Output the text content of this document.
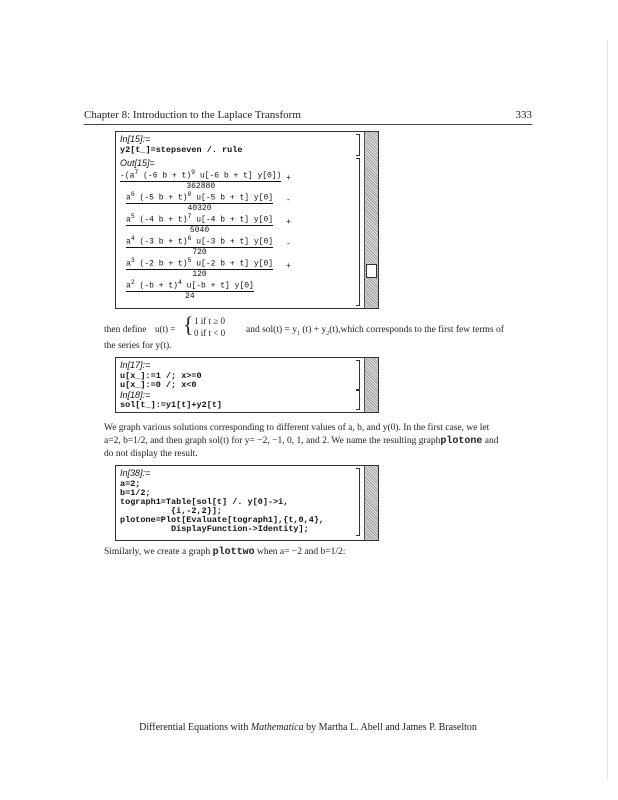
Chapter 8: Introduction to the Laplace Transform	333
In[15]:=
y2[t_]=stepseven /. rule
Out[15]=
$\frac{-(a^7 (-6 b + t)^9 u[-6 b + t] y[0])}{362880}$ +
$\frac{a^6 (-5 b + t)^8 u[-5 b + t] y[0]}{40320}$ -
$\frac{a^5 (-4 b + t)^7 u[-4 b + t] y[0]}{5040}$ +
$\frac{a^4 (-3 b + t)^6 u[-3 b + t] y[0]}{720}$ -
$\frac{a^3 (-2 b + t)^5 u[-2 b + t] y[0]}{120}$ +
$\frac{a^2 (-b + t)^4 u[-b + t] y[0]}{24}$
then define u(t) = { 1 if t ≥ 0
0 if t < 0 and $sol(t) = y_1$ $(t) + y_2(t),which$ corresponds to the first few terms of
the series for y(t).
In[17]:=
u[x_]:=1 /; x>=0
u[x_]:=0 /; x<0
In[18]:=
sol[t_]:=y1[t]+y2[t]
We graph various solutions corresponding to different values of a, b, and y(0). In the first case, we let
a=2, b=1/2, and then graph sol(t) for y= −2, −1, 0, 1, and 2. We name the resulting graphplotone and
do not display the result.
In[38]:=
a=2;
b=1/2;
tograph1=Table[sol[t] /. y[0]->i,
{i,-2,2}];
plotone=Plot[Evaluate[tograph1],{t,0,4},
DisplayFunction->Identity];
Similarly, we create a graph plottwo when a= −2 and b=1/2:
Differential Equations with Mathematica by Martha L. Abell and James P. Braselton
